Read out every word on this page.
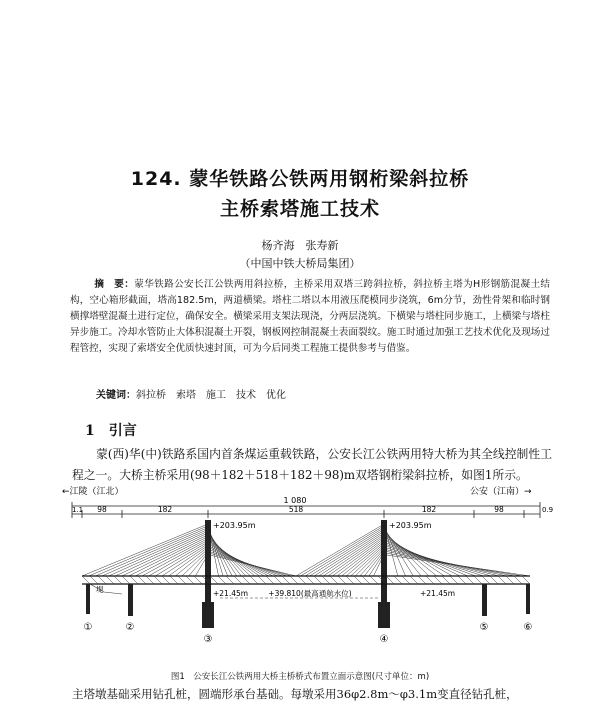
124. 蒙华铁路公铁两用钢桁梁斜拉桥
主桥索塔施工技术
杨齐海　张寿新
（中国中铁大桥局集团）
摘　要：蒙华铁路公安长江公铁两用斜拉桥，主桥采用双塔三跨斜拉桥，斜拉桥主塔为H形钢筋混凝土结构，空心箱形截面，塔高182.5m，两道横梁。塔柱二塔以本用液压爬模同步浇筑，6m分节，劲性骨架和临时钢横撑塔壁混凝土进行定位，确保安全。横梁采用支架法现浇，分两层浇筑。下横梁与塔柱同步施工，上横梁与塔柱异步施工。冷却水管防止大体积混凝土开裂，钢板网控制混凝土表面裂纹。施工时通过加强工艺技术优化及现场过程管控，实现了索塔安全优质快速封顶，可为今后同类工程施工提供参考与借鉴。
关键词：斜拉桥　索塔　施工　技术　优化
1 引言
蒙(西)华(中)铁路系国内首条煤运重载铁路，公安长江公铁两用特大桥为其全线控制性工程之一。大桥主桥采用(98＋182＋518＋182＋98)m双塔钢桁梁斜拉桥，如图1所示。
←江陵（江北）	公安（江南）→
1 080
1.1	0.9
98	182	518	182	98
+203.95m	+203.95m
+39.810(最高通航水位)
+21.45m	+21.45m
堤
①	②
③	④
⑤	⑥
图1　公安长江公铁两用大桥主桥桥式布置立面示意图(尺寸单位：m)
主塔墩基础采用钻孔桩，圆端形承台基础。每墩采用36φ2.8m～φ3.1m变直径钻孔桩，
